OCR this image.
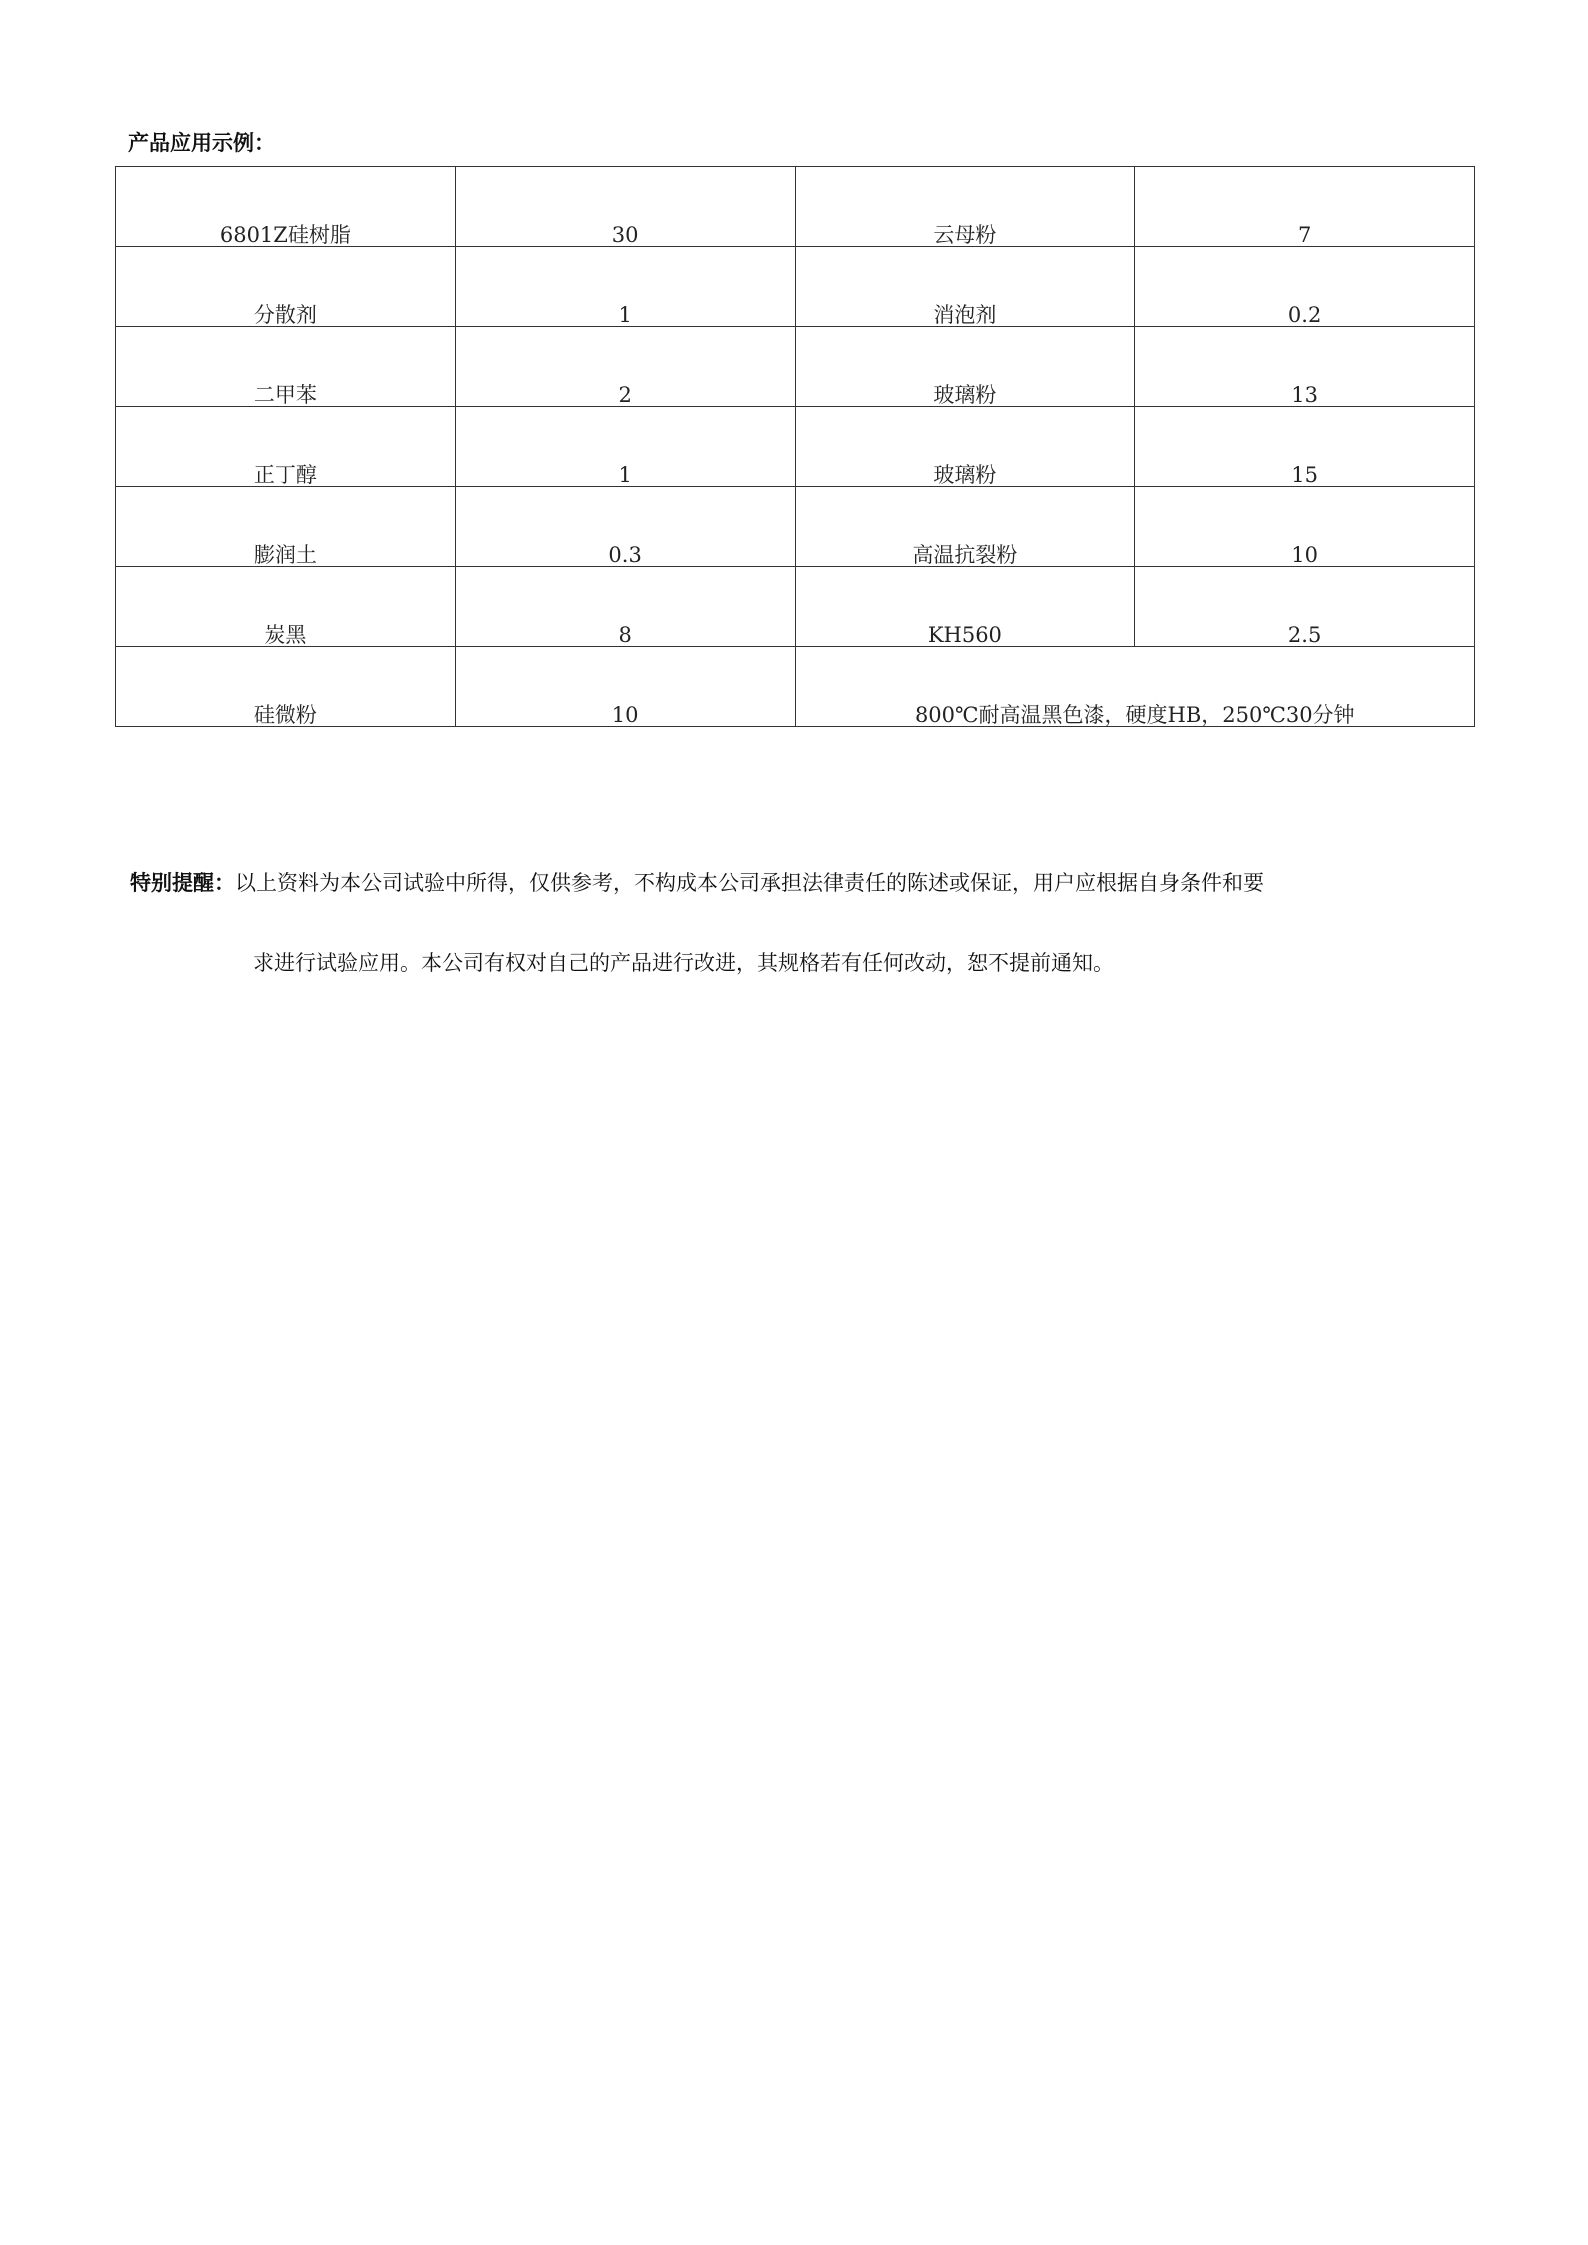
产品应用示例：
6801Z硅树脂	30	云母粉	7
分散剂	1	消泡剂	0.2
二甲苯	2	玻璃粉	13
正丁醇	1	玻璃粉	15
膨润土	0.3	高温抗裂粉	10
炭黑	8	KH560	2.5
硅微粉	10	800℃耐高温黑色漆，硬度HB，250℃30分钟	

特别提醒：以上资料为本公司试验中所得，仅供参考，不构成本公司承担法律责任的陈述或保证，用户应根据自身条件和要

求进行试验应用。本公司有权对自己的产品进行改进，其规格若有任何改动，恕不提前通知。
